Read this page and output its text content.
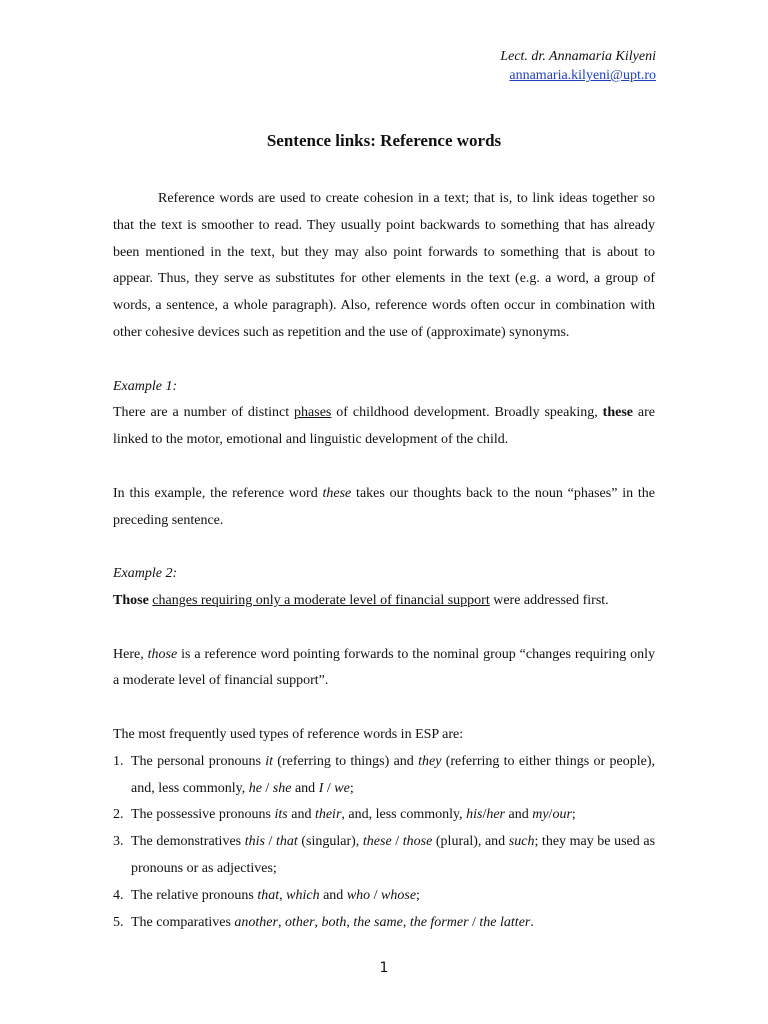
Lect. dr. Annamaria Kilyeni
annamaria.kilyeni@upt.ro
Sentence links: Reference words

Reference words are used to create cohesion in a text; that is, to link ideas together so that the text is smoother to read. They usually point backwards to something that has already been mentioned in the text, but they may also point forwards to something that is about to appear. Thus, they serve as substitutes for other elements in the text (e.g. a word, a group of words, a sentence, a whole paragraph). Also, reference words often occur in combination with other cohesive devices such as repetition and the use of (approximate) synonyms.

Example 1:

There are a number of distinct phases of childhood development. Broadly speaking, these are linked to the motor, emotional and linguistic development of the child.

In this example, the reference word these takes our thoughts back to the noun “phases” in the preceding sentence.

Example 2:

Those changes requiring only a moderate level of financial support were addressed first.

Here, those is a reference word pointing forwards to the nominal group “changes requiring only a moderate level of financial support”.

The most frequently used types of reference words in ESP are:

1. The personal pronouns it (referring to things) and they (referring to either things or people), and, less commonly, he / she and I / we;
2. The possessive pronouns its and their, and, less commonly, his/her and my/our;
3. The demonstratives this / that (singular), these / those (plural), and such; they may be used as pronouns or as adjectives;
4. The relative pronouns that, which and who / whose;
5. The comparatives another, other, both, the same, the former / the latter.
1
